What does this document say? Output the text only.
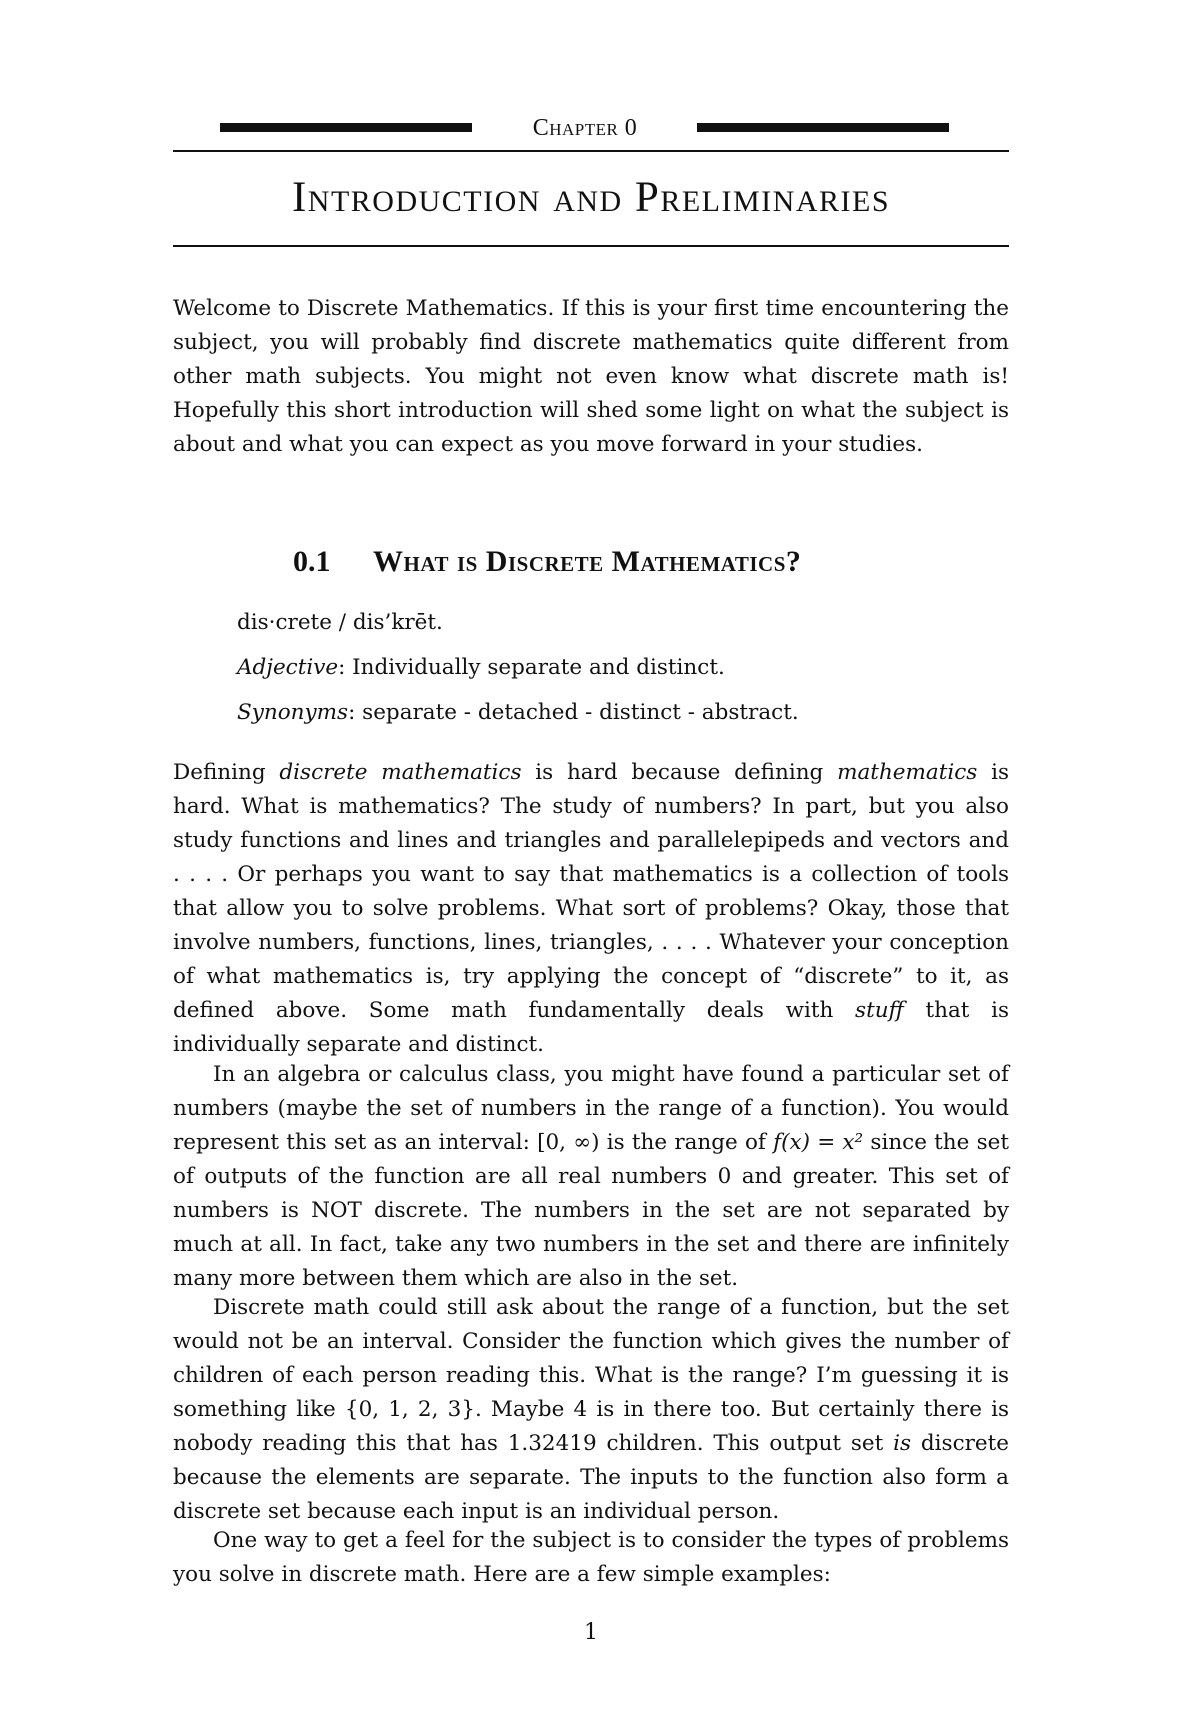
Chapter 0
Introduction and Preliminaries

Welcome to Discrete Mathematics. If this is your first time encountering the subject, you will probably find discrete mathematics quite different from other math subjects. You might not even know what discrete math is! Hopefully this short introduction will shed some light on what the subject is about and what you can expect as you move forward in your studies.

0.1 What is Discrete Mathematics?

dis·crete / dis’krēt.

Adjective: Individually separate and distinct.

Synonyms: separate - detached - distinct - abstract.

Defining discrete mathematics is hard because defining mathematics is hard. What is mathematics? The study of numbers? In part, but you also study functions and lines and triangles and parallelepipeds and vectors and . . . . Or perhaps you want to say that mathematics is a collection of tools that allow you to solve problems. What sort of problems? Okay, those that involve numbers, functions, lines, triangles, . . . . Whatever your conception of what mathematics is, try applying the concept of “discrete” to it, as defined above. Some math fundamentally deals with stuff that is individually separate and distinct.

In an algebra or calculus class, you might have found a particular set of numbers (maybe the set of numbers in the range of a function). You would represent this set as an interval: [0, ∞) is the range of f(x) = x² since the set of outputs of the function are all real numbers 0 and greater. This set of numbers is NOT discrete. The numbers in the set are not separated by much at all. In fact, take any two numbers in the set and there are infinitely many more between them which are also in the set.

Discrete math could still ask about the range of a function, but the set would not be an interval. Consider the function which gives the number of children of each person reading this. What is the range? I’m guessing it is something like {0, 1, 2, 3}. Maybe 4 is in there too. But certainly there is nobody reading this that has 1.32419 children. This output set is discrete because the elements are separate. The inputs to the function also form a discrete set because each input is an individual person.

One way to get a feel for the subject is to consider the types of problems you solve in discrete math. Here are a few simple examples:

1
